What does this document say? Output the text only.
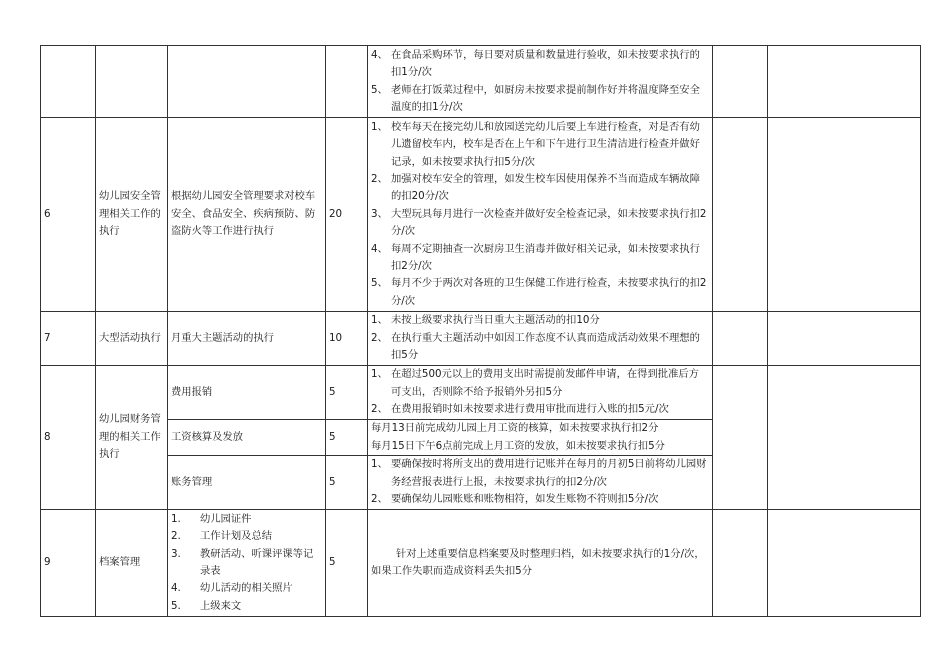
				4、 在食品采购环节，每日要对质量和数量进行验收，如未按要求执行的扣1分/次
5、 老师在打饭菜过程中，如厨房未按要求提前制作好并将温度降至安全温度的扣1分/次		

6	幼儿园安全管理相关工作的执行	根据幼儿园安全管理要求对校车安全、食品安全、疾病预防、防盗防火等工作进行执行	20	1、 校车每天在接完幼儿和放园送完幼儿后要上车进行检查，对是否有幼儿遗留校车内，校车是否在上午和下午进行卫生清洁进行检查并做好记录，如未按要求执行扣5分/次
2、 加强对校车安全的管理，如发生校车因使用保养不当而造成车辆故障的扣20分/次
3、 大型玩具每月进行一次检查并做好安全检查记录，如未按要求执行扣2分/次
4、 每周不定期抽查一次厨房卫生消毒并做好相关记录，如未按要求执行扣2分/次
5、 每月不少于两次对各班的卫生保健工作进行检查，未按要求执行的扣2分/次		

7	大型活动执行	月重大主题活动的执行	10	1、 未按上级要求执行当日重大主题活动的扣10分
2、 在执行重大主题活动中如因工作态度不认真而造成活动效果不理想的扣5分		

8	幼儿园财务管理的相关工作执行	费用报销	5	1、 在超过500元以上的费用支出时需提前发邮件申请，在得到批准后方可支出，否则除不给予报销外另扣5分
2、 在费用报销时如未按要求进行费用审批而进行入账的扣5元/次		

		工资核算及发放	5	每月13日前完成幼儿园上月工资的核算，如未按要求执行扣2分
每月15日下午6点前完成上月工资的发放，如未按要求执行扣5分		

		账务管理	5	1、 要确保按时将所支出的费用进行记账并在每月的月初5日前将幼儿园财务经营报表进行上报，未按要求执行的扣2分/次
2、 要确保幼儿园账账和账物相符，如发生账物不符则扣5分/次		

9	档案管理	1. 幼儿园证件
2. 工作计划及总结
3. 教研活动、听课评课等记录表
4. 幼儿活动的相关照片
5. 上级来文	5	针对上述重要信息档案要及时整理归档，如未按要求执行的1分/次，如果工作失职而造成资料丢失扣5分		
